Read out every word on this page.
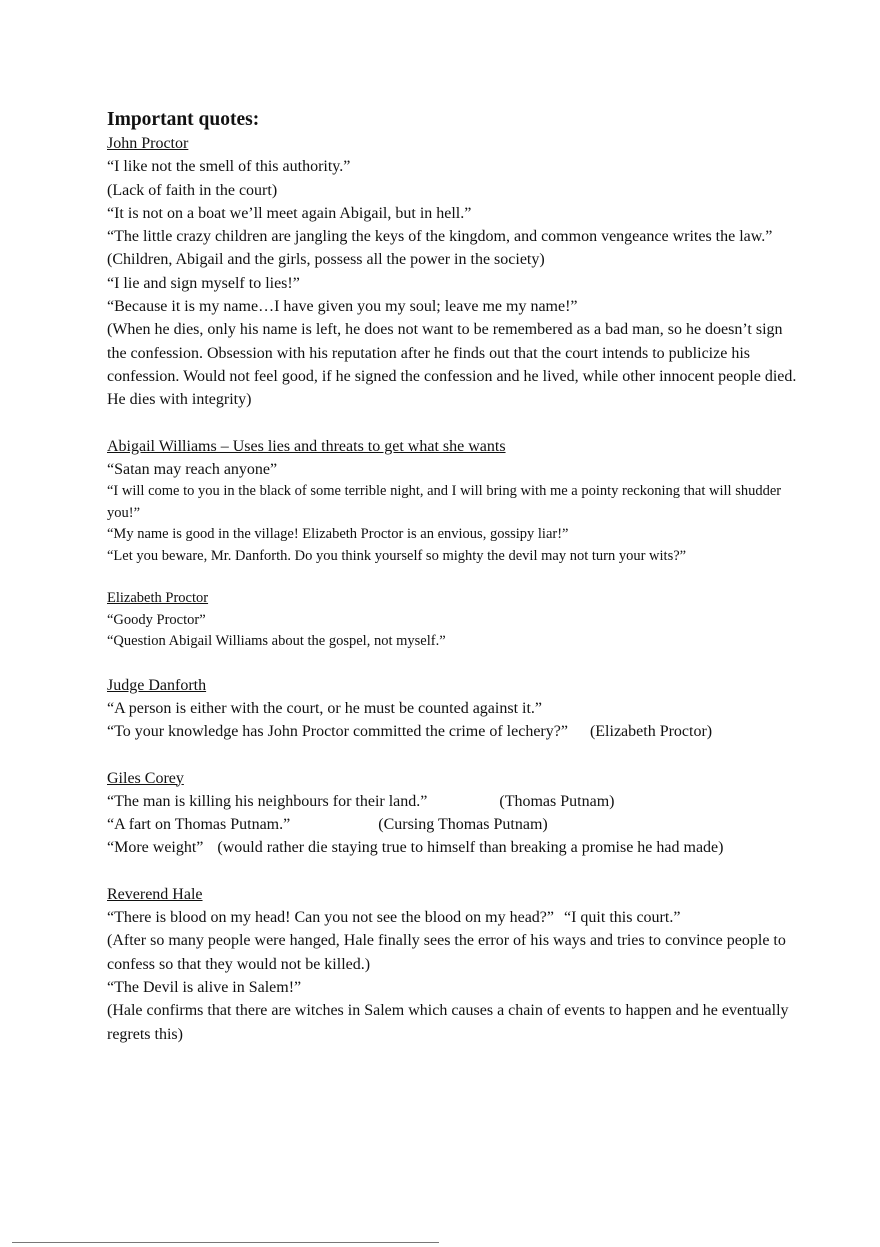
Important quotes:
John Proctor
“I like not the smell of this authority.”
(Lack of faith in the court)
“It is not on a boat we’ll meet again Abigail, but in hell.”
“The little crazy children are jangling the keys of the kingdom, and common vengeance writes the law.”
(Children, Abigail and the girls, possess all the power in the society)
“I lie and sign myself to lies!”
“Because it is my name…I have given you my soul; leave me my name!”
(When he dies, only his name is left, he does not want to be remembered as a bad man, so he doesn’t sign the confession. Obsession with his reputation after he finds out that the court intends to publicize his confession. Would not feel good, if he signed the confession and he lived, while other innocent people died. He dies with integrity)
Abigail Williams – Uses lies and threats to get what she wants
“Satan may reach anyone”
“I will come to you in the black of some terrible night, and I will bring with me a pointy reckoning that will shudder you!”
“My name is good in the village! Elizabeth Proctor is an envious, gossipy liar!”
“Let you beware, Mr. Danforth. Do you think yourself so mighty the devil may not turn your wits?”
Elizabeth Proctor
“Goody Proctor”
“Question Abigail Williams about the gospel, not myself.”
Judge Danforth
“A person is either with the court, or he must be counted against it.”
“To your knowledge has John Proctor committed the crime of lechery?” (Elizabeth Proctor)
Giles Corey
“The man is killing his neighbours for their land.”	(Thomas Putnam)
“A fart on Thomas Putnam.”	(Cursing Thomas Putnam)
“More weight” (would rather die staying true to himself than breaking a promise he had made)
Reverend Hale
“There is blood on my head! Can you not see the blood on my head?” “I quit this court.”
(After so many people were hanged, Hale finally sees the error of his ways and tries to convince people to confess so that they would not be killed.)
“The Devil is alive in Salem!”
(Hale confirms that there are witches in Salem which causes a chain of events to happen and he eventually regrets this)
